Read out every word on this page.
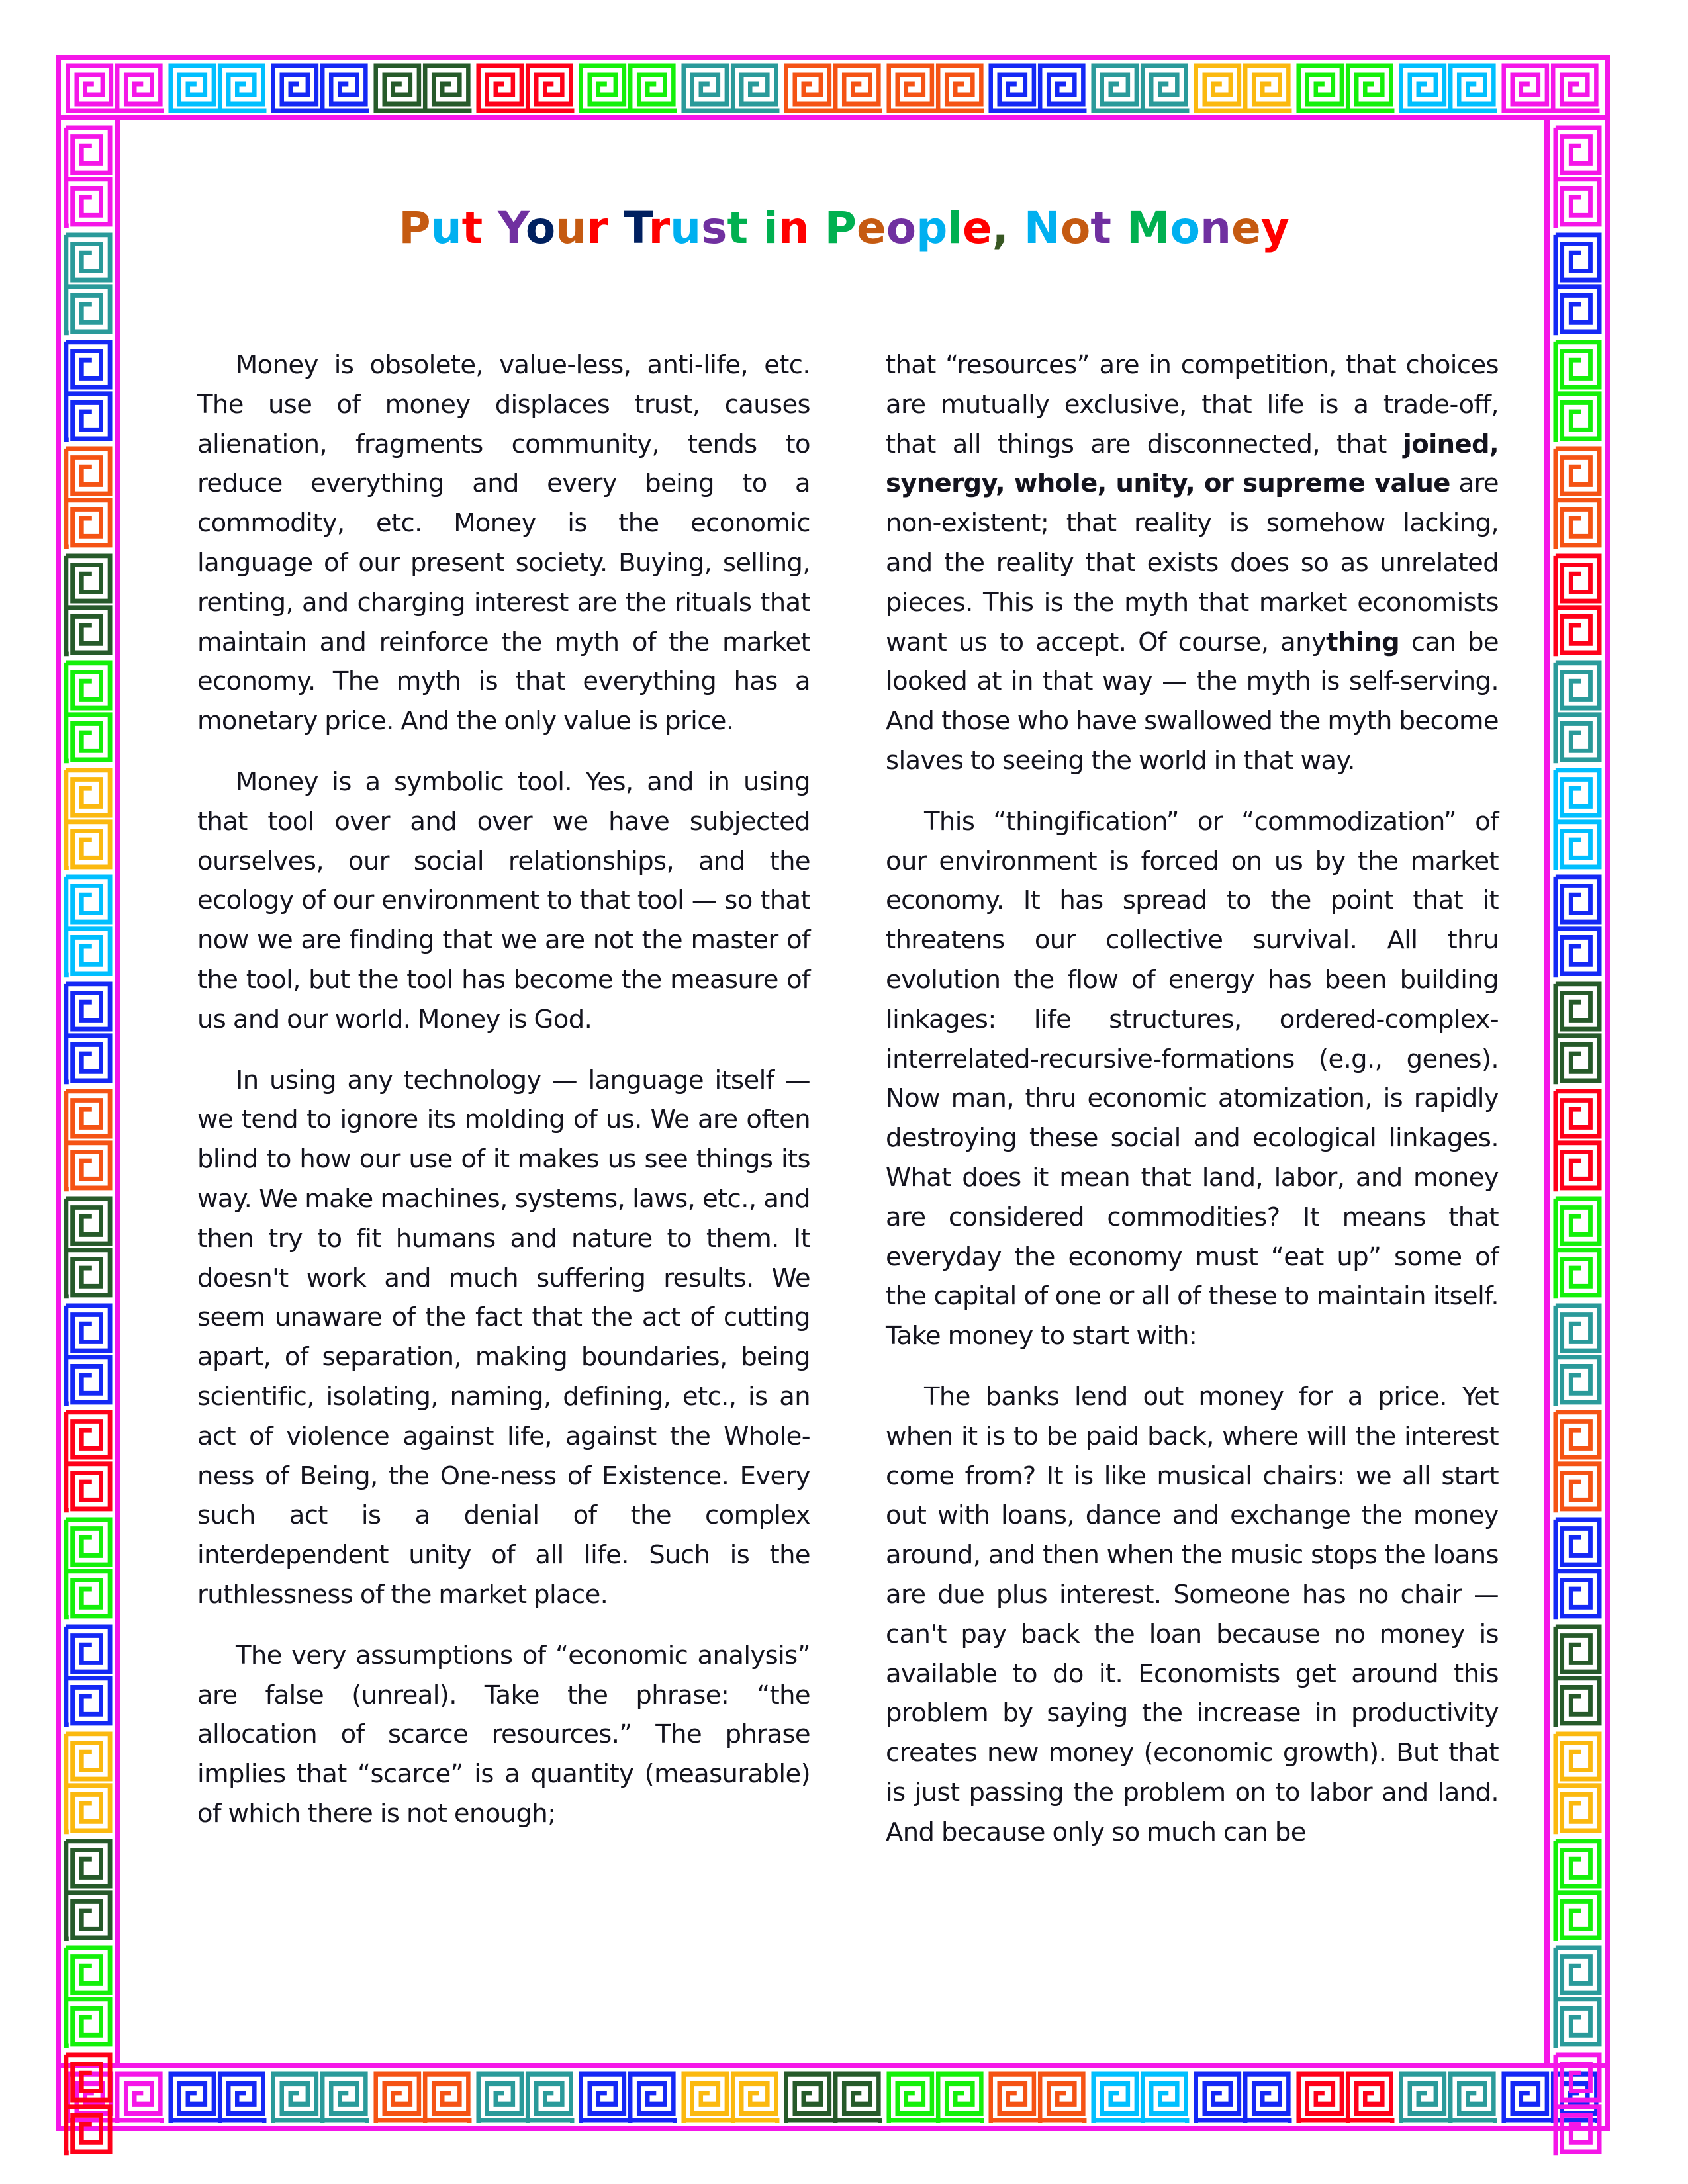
Put Your Trust in People, Not Money

Money is obsolete, value-less, anti-life, etc. The use of money displaces trust, causes alienation, fragments community, tends to reduce everything and every being to a commodity, etc. Money is the economic language of our present society. Buying, selling, renting, and charging interest are the rituals that maintain and reinforce the myth of the market economy. The myth is that everything has a monetary price. And the only value is price.

Money is a symbolic tool. Yes, and in using that tool over and over we have subjected ourselves, our social relationships, and the ecology of our environment to that tool — so that now we are finding that we are not the master of the tool, but the tool has become the measure of us and our world. Money is God.

In using any technology — language itself — we tend to ignore its molding of us. We are often blind to how our use of it makes us see things its way. We make machines, systems, laws, etc., and then try to fit humans and nature to them. It doesn't work and much suffering results. We seem unaware of the fact that the act of cutting apart, of separation, making boundaries, being scientific, isolating, naming, defining, etc., is an act of violence against life, against the Whole-ness of Being, the One-ness of Existence. Every such act is a denial of the complex interdependent unity of all life. Such is the ruthlessness of the market place.

The very assumptions of “economic analysis” are false (unreal). Take the phrase: “the allocation of scarce resources.” The phrase implies that “scarce” is a quantity (measurable) of which there is not enough;

that “resources” are in competition, that choices are mutually exclusive, that life is a trade-off, that all things are disconnected, that joined, synergy, whole, unity, or supreme value are non-existent; that reality is somehow lacking, and the reality that exists does so as unrelated pieces. This is the myth that market economists want us to accept. Of course, anything can be looked at in that way — the myth is self-serving. And those who have swallowed the myth become slaves to seeing the world in that way.

This “thingification” or “commodization” of our environment is forced on us by the market economy. It has spread to the point that it threatens our collective survival. All thru evolution the flow of energy has been building linkages: life structures, ordered-complex-interrelated-recursive-formations (e.g., genes). Now man, thru economic atomization, is rapidly destroying these social and ecological linkages. What does it mean that land, labor, and money are considered commodities? It means that everyday the economy must “eat up” some of the capital of one or all of these to maintain itself. Take money to start with:

The banks lend out money for a price. Yet when it is to be paid back, where will the interest come from? It is like musical chairs: we all start out with loans, dance and exchange the money around, and then when the music stops the loans are due plus interest. Someone has no chair — can't pay back the loan because no money is available to do it. Economists get around this problem by saying the increase in productivity creates new money (economic growth). But that is just passing the problem on to labor and land. And because only so much can be
